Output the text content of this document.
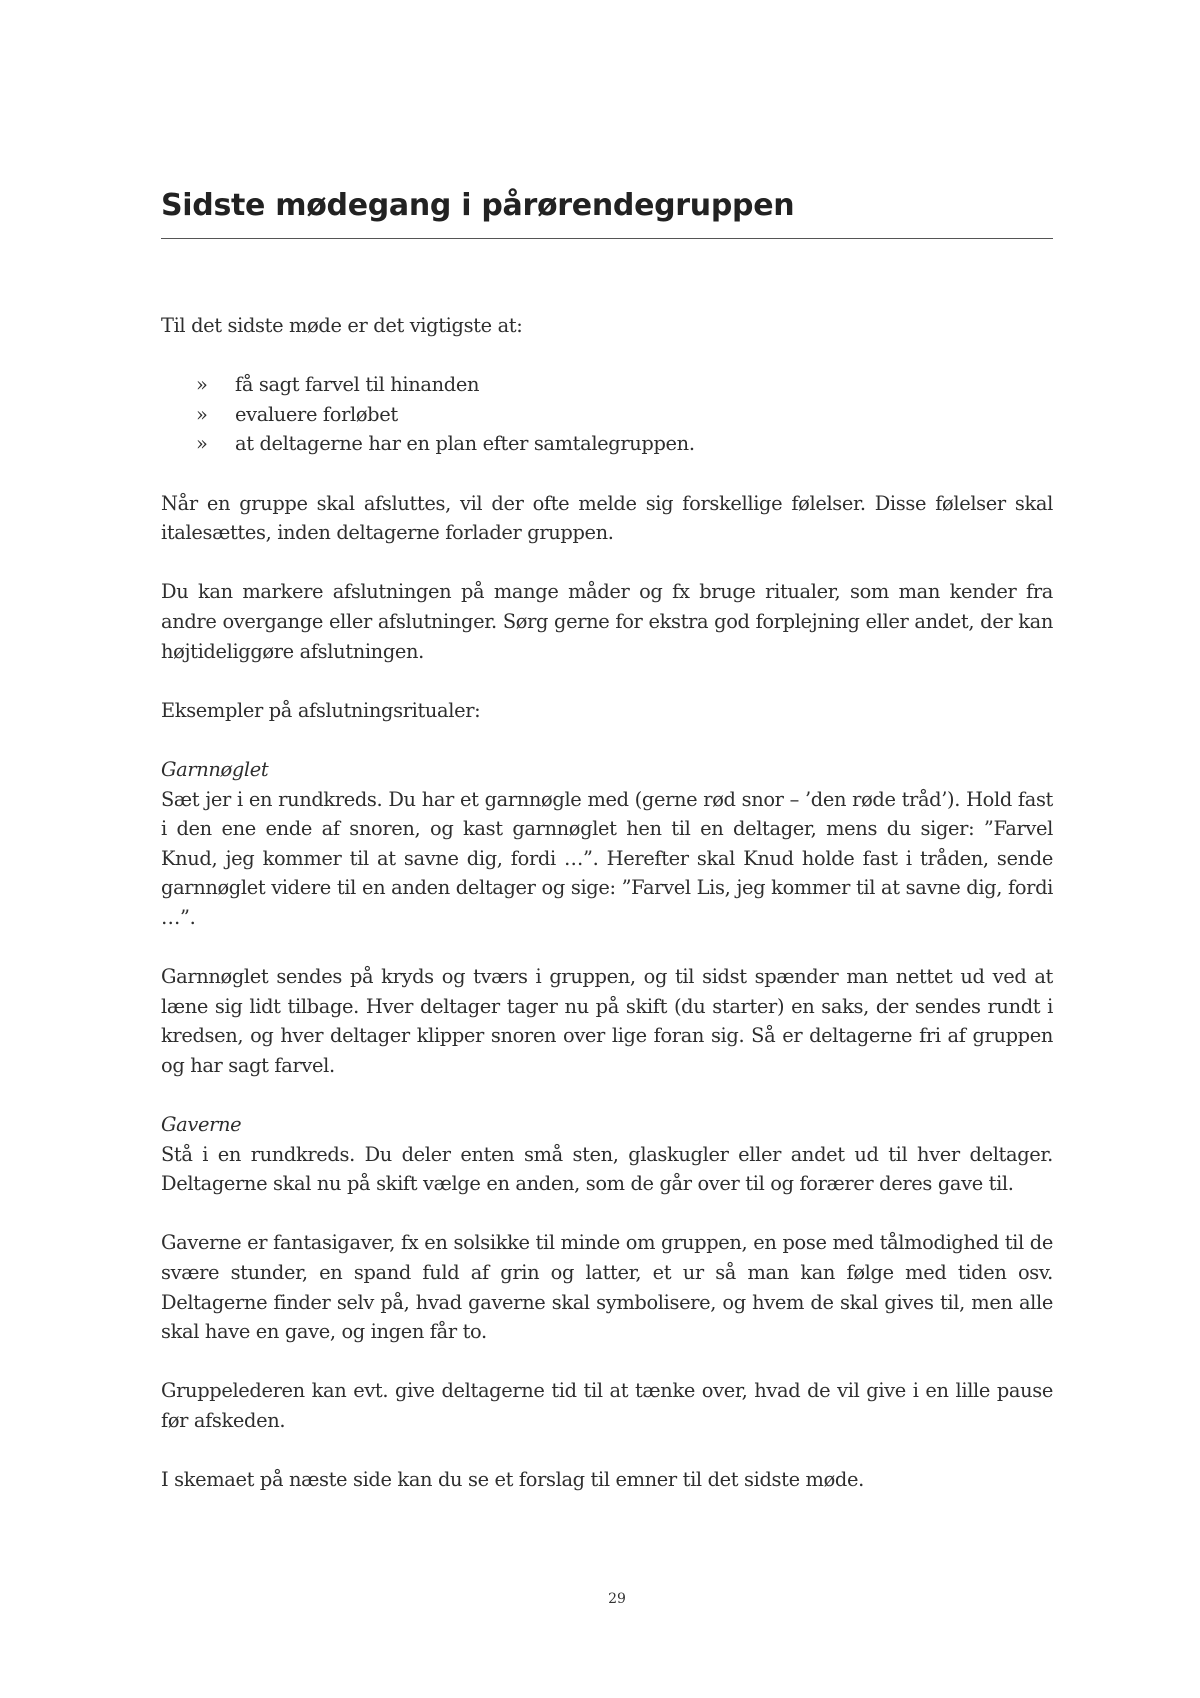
Sidste mødegang i pårørendegruppen

Til det sidste møde er det vigtigste at:

» få sagt farvel til hinanden
» evaluere forløbet
» at deltagerne har en plan efter samtalegruppen.

Når en gruppe skal afsluttes, vil der ofte melde sig forskellige følelser. Disse følelser skal italesættes, inden deltagerne forlader gruppen.

Du kan markere afslutningen på mange måder og fx bruge ritualer, som man kender fra andre overgange eller afslutninger. Sørg gerne for ekstra god forplejning eller andet, der kan højtideliggøre afslutningen.

Eksempler på afslutningsritualer:

Garnnøglet
Sæt jer i en rundkreds. Du har et garnnøgle med (gerne rød snor – ’den røde tråd’). Hold fast i den ene ende af snoren, og kast garnnøglet hen til en deltager, mens du siger: ”Farvel Knud, jeg kommer til at savne dig, fordi …”. Herefter skal Knud holde fast i tråden, sende garnnøglet videre til en anden deltager og sige: ”Farvel Lis, jeg kommer til at savne dig, fordi …”.

Garnnøglet sendes på kryds og tværs i gruppen, og til sidst spænder man nettet ud ved at læne sig lidt tilbage. Hver deltager tager nu på skift (du starter) en saks, der sendes rundt i kredsen, og hver deltager klipper snoren over lige foran sig. Så er deltagerne fri af gruppen og har sagt farvel.

Gaverne
Stå i en rundkreds. Du deler enten små sten, glaskugler eller andet ud til hver deltager. Deltagerne skal nu på skift vælge en anden, som de går over til og forærer deres gave til.

Gaverne er fantasigaver, fx en solsikke til minde om gruppen, en pose med tålmodighed til de svære stunder, en spand fuld af grin og latter, et ur så man kan følge med tiden osv. Deltagerne finder selv på, hvad gaverne skal symbolisere, og hvem de skal gives til, men alle skal have en gave, og ingen får to.

Gruppelederen kan evt. give deltagerne tid til at tænke over, hvad de vil give i en lille pause før afskeden.

I skemaet på næste side kan du se et forslag til emner til det sidste møde.

29
